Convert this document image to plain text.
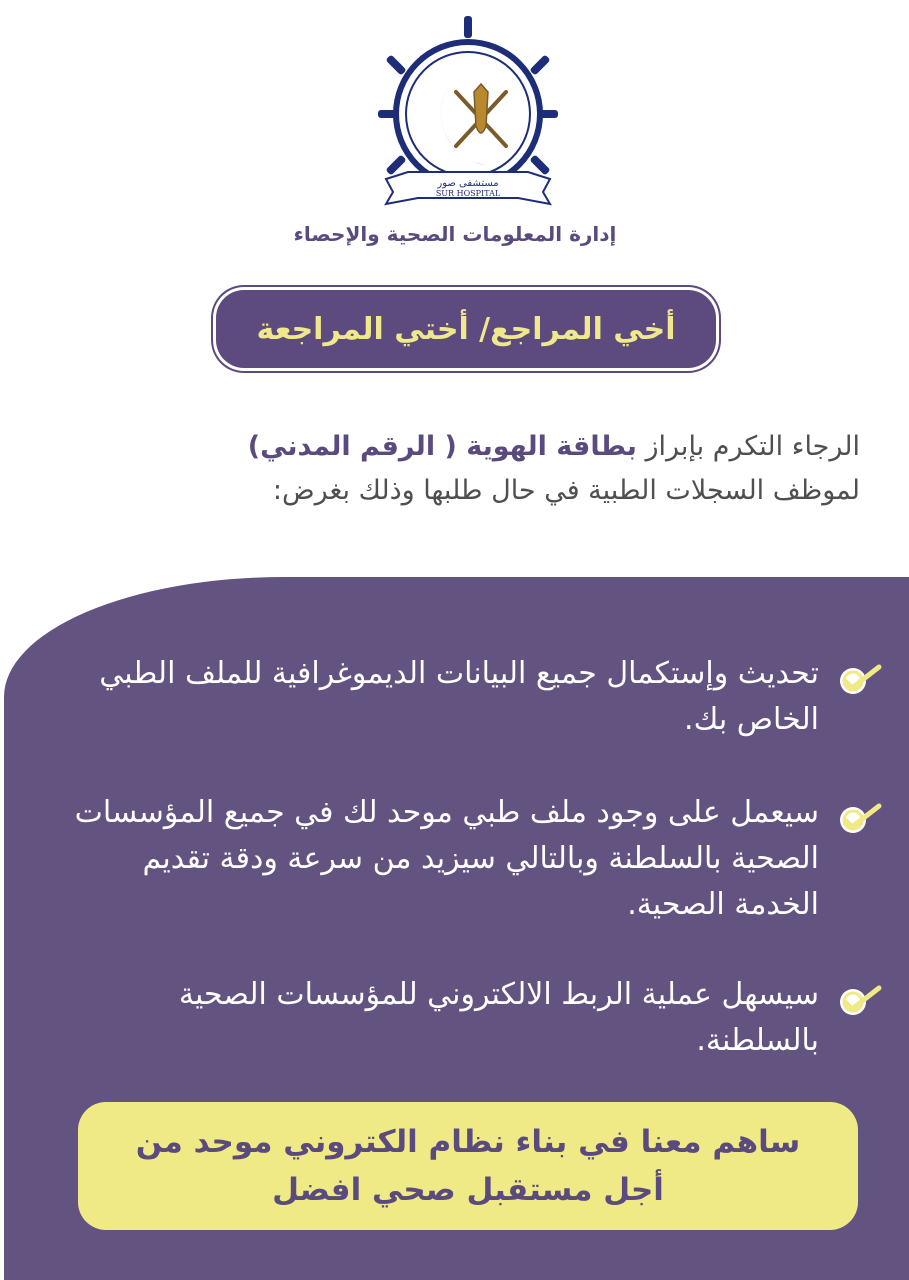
مستشفى صور
SUR HOSPITAL
إدارة المعلومات الصحية والإحصاء
أخي المراجع/ أختي المراجعة
الرجاء التكرم بإبراز بطاقة الهوية ( الرقم المدني)
لموظف السجلات الطبية في حال طلبها وذلك بغرض:
تحديث وإستكمال جميع البيانات الديموغرافية للملف الطبي الخاص بك.
سيعمل على وجود ملف طبي موحد لك في جميع المؤسسات الصحية بالسلطنة وبالتالي سيزيد من سرعة ودقة تقديم الخدمة الصحية.
سيسهل عملية الربط الالكتروني للمؤسسات الصحية بالسلطنة.
ساهم معنا في بناء نظام الكتروني موحد من
أجل مستقبل صحي افضل
